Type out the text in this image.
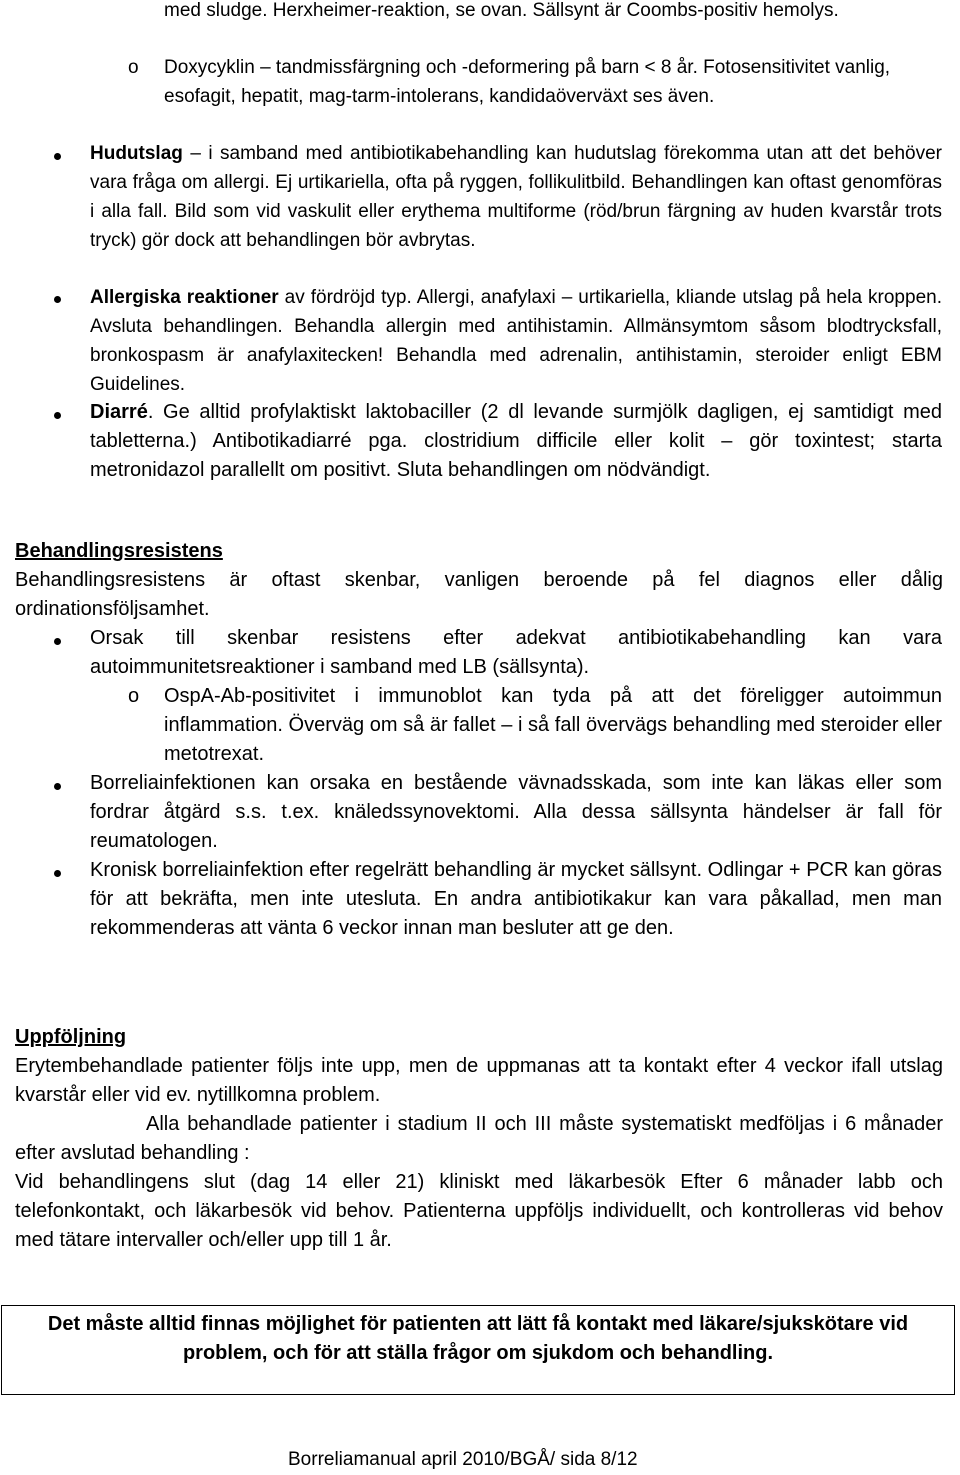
med sludge. Herxheimer-reaktion, se ovan. Sällsynt är Coombs-positiv hemolys.

o Doxycyklin – tandmissfärgning och -deformering på barn < 8 år. Fotosensitivitet vanlig, esofagit, hepatit, mag-tarm-intolerans, kandidaöverväxt ses även.

Hudutslag – i samband med antibiotikabehandling kan hudutslag förekomma utan att det behöver vara fråga om allergi. Ej urtikariella, ofta på ryggen, follikulitbild. Behandlingen kan oftast genomföras i alla fall. Bild som vid vaskulit eller erythema multiforme (röd/brun färgning av huden kvarstår trots tryck) gör dock att behandlingen bör avbrytas.

Allergiska reaktioner av fördröjd typ. Allergi, anafylaxi – urtikariella, kliande utslag på hela kroppen. Avsluta behandlingen. Behandla allergin med antihistamin. Allmänsymtom såsom blodtrycksfall, bronkospasm är anafylaxitecken! Behandla med adrenalin, antihistamin, steroider enligt EBM Guidelines.

Diarré. Ge alltid profylaktiskt laktobaciller (2 dl levande surmjölk dagligen, ej samtidigt med tabletterna.) Antibotikadiarré pga. clostridium difficile eller kolit – gör toxintest; starta metronidazol parallellt om positivt. Sluta behandlingen om nödvändigt.

Behandlingsresistens

Behandlingsresistens är oftast skenbar, vanligen beroende på fel diagnos eller dålig ordinationsföljsamhet.

Orsak till skenbar resistens efter adekvat antibiotikabehandling kan vara autoimmunitetsreaktioner i samband med LB (sällsynta).

o OspA-Ab-positivitet i immunoblot kan tyda på att det föreligger autoimmun inflammation. Överväg om så är fallet – i så fall övervägs behandling med steroider eller metotrexat.

Borreliainfektionen kan orsaka en bestående vävnadsskada, som inte kan läkas eller som fordrar åtgärd s.s. t.ex. knäledssynovektomi. Alla dessa sällsynta händelser är fall för reumatologen.

Kronisk borreliainfektion efter regelrätt behandling är mycket sällsynt. Odlingar + PCR kan göras för att bekräfta, men inte utesluta. En andra antibiotikakur kan vara påkallad, men man rekommenderas att vänta 6 veckor innan man besluter att ge den.

Uppföljning

Erytembehandlade patienter följs inte upp, men de uppmanas att ta kontakt efter 4 veckor ifall utslag kvarstår eller vid ev. nytillkomna problem.

Alla behandlade patienter i stadium II och III måste systematiskt medföljas i 6 månader efter avslutad behandling :

Vid behandlingens slut (dag 14 eller 21) kliniskt med läkarbesök Efter 6 månader labb och telefonkontakt, och läkarbesök vid behov. Patienterna uppföljs individuellt, och kontrolleras vid behov med tätare intervaller och/eller upp till 1 år.

Det måste alltid finnas möjlighet för patienten att lätt få kontakt med läkare/sjukskötare vid problem, och för att ställa frågor om sjukdom och behandling.

Borreliamanual april 2010/BGÅ/ sida 8/12
